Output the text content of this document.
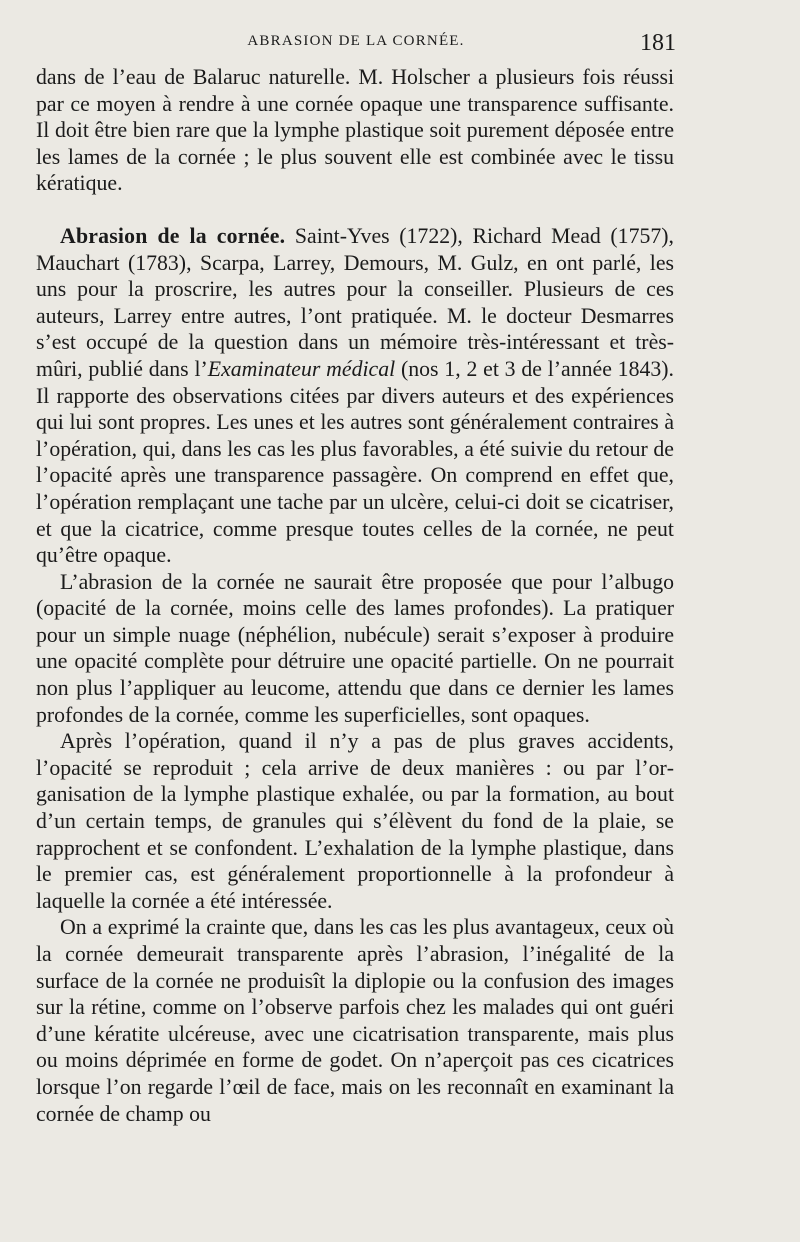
ABRASION DE LA CORNÉE.	181

dans de l’eau de Balaruc naturelle. M. Holscher a plusieurs fois réussi par ce moyen à rendre à une cornée opaque une transparence suffisante. Il doit être bien rare que la lymphe plastique soit purement déposée entre les lames de la cornée ; le plus souvent elle est combinée avec le tissu kératique.

Abrasion de la cornée. Saint-Yves (1722), Richard Mead (1757), Mauchart (1783), Scarpa, Larrey, Demours, M. Gulz, en ont parlé, les uns pour la proscrire, les autres pour la conseiller. Plusieurs de ces auteurs, Larrey entre autres, l’ont pratiquée. M. le docteur Desmarres s’est occupé de la question dans un mémoire très-intéressant et très-mûri, publié dans l’Examinateur médical (nos 1, 2 et 3 de l’année 1843). Il rapporte des observations citées par divers auteurs et des expériences qui lui sont propres. Les unes et les autres sont généralement contraires à l’opération, qui, dans les cas les plus favorables, a été suivie du retour de l’opacité après une transparence passagère. On comprend en effet que, l’opération remplaçant une tache par un ulcère, celui-ci doit se cicatriser, et que la cicatrice, comme presque toutes celles de la cornée, ne peut qu’être opaque.

L’abrasion de la cornée ne saurait être proposée que pour l’albugo (opacité de la cornée, moins celle des lames profondes). La pratiquer pour un simple nuage (néphélion, nubécule) serait s’exposer à produire une opacité complète pour détruire une opacité partielle. On ne pourrait non plus l’appliquer au leucome, attendu que dans ce dernier les lames profondes de la cornée, comme les superficielles, sont opaques.

Après l’opération, quand il n’y a pas de plus graves accidents, l’opacité se reproduit ; cela arrive de deux manières : ou par l’organisation de la lymphe plastique exhalée, ou par la formation, au bout d’un certain temps, de granules qui s’élèvent du fond de la plaie, se rapprochent et se confondent. L’exhalation de la lymphe plastique, dans le premier cas, est généralement proportionnelle à la profondeur à laquelle la cornée a été intéressée.

On a exprimé la crainte que, dans les cas les plus avantageux, ceux où la cornée demeurait transparente après l’abrasion, l’inégalité de la surface de la cornée ne produisît la diplopie ou la confusion des images sur la rétine, comme on l’observe parfois chez les malades qui ont guéri d’une kératite ulcéreuse, avec une cicatrisation transparente, mais plus ou moins déprimée en forme de godet. On n’aperçoit pas ces cicatrices lorsque l’on regarde l’œil de face, mais on les reconnaît en examinant la cornée de champ ou
